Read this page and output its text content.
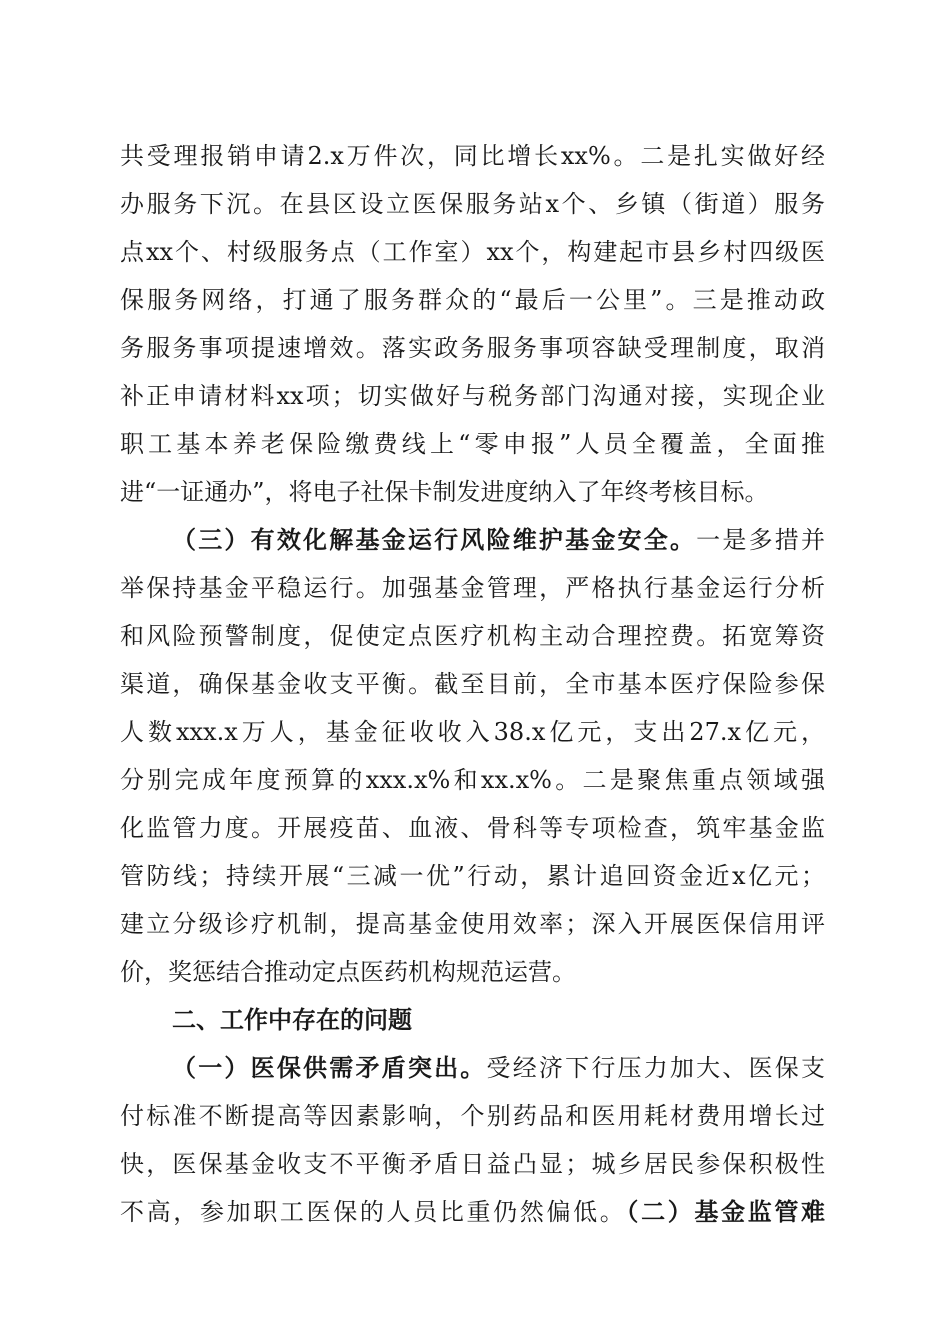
共受理报销申请2.x万件次，同比增长xx%。二是扎实做好经
办服务下沉。在县区设立医保服务站x个、乡镇（街道）服务
点xx个、村级服务点（工作室）xx个，构建起市县乡村四级医
保服务网络，打通了服务群众的“最后一公里”。三是推动政
务服务事项提速增效。落实政务服务事项容缺受理制度，取消
补正申请材料xx项；切实做好与税务部门沟通对接，实现企业
职工基本养老保险缴费线上“零申报”人员全覆盖，全面推
进“一证通办”，将电子社保卡制发进度纳入了年终考核目标。
（三）有效化解基金运行风险维护基金安全。一是多措并
举保持基金平稳运行。加强基金管理，严格执行基金运行分析
和风险预警制度，促使定点医疗机构主动合理控费。拓宽筹资
渠道，确保基金收支平衡。截至目前，全市基本医疗保险参保
人数xxx.x万人，基金征收收入38.x亿元，支出27.x亿元，
分别完成年度预算的xxx.x%和xx.x%。二是聚焦重点领域强
化监管力度。开展疫苗、血液、骨科等专项检查，筑牢基金监
管防线；持续开展“三减一优”行动，累计追回资金近x亿元；
建立分级诊疗机制，提高基金使用效率；深入开展医保信用评
价，奖惩结合推动定点医药机构规范运营。
二、工作中存在的问题
（一）医保供需矛盾突出。受经济下行压力加大、医保支
付标准不断提高等因素影响，个别药品和医用耗材费用增长过
快，医保基金收支不平衡矛盾日益凸显；城乡居民参保积极性
不高，参加职工医保的人员比重仍然偏低。（二）基金监管难
